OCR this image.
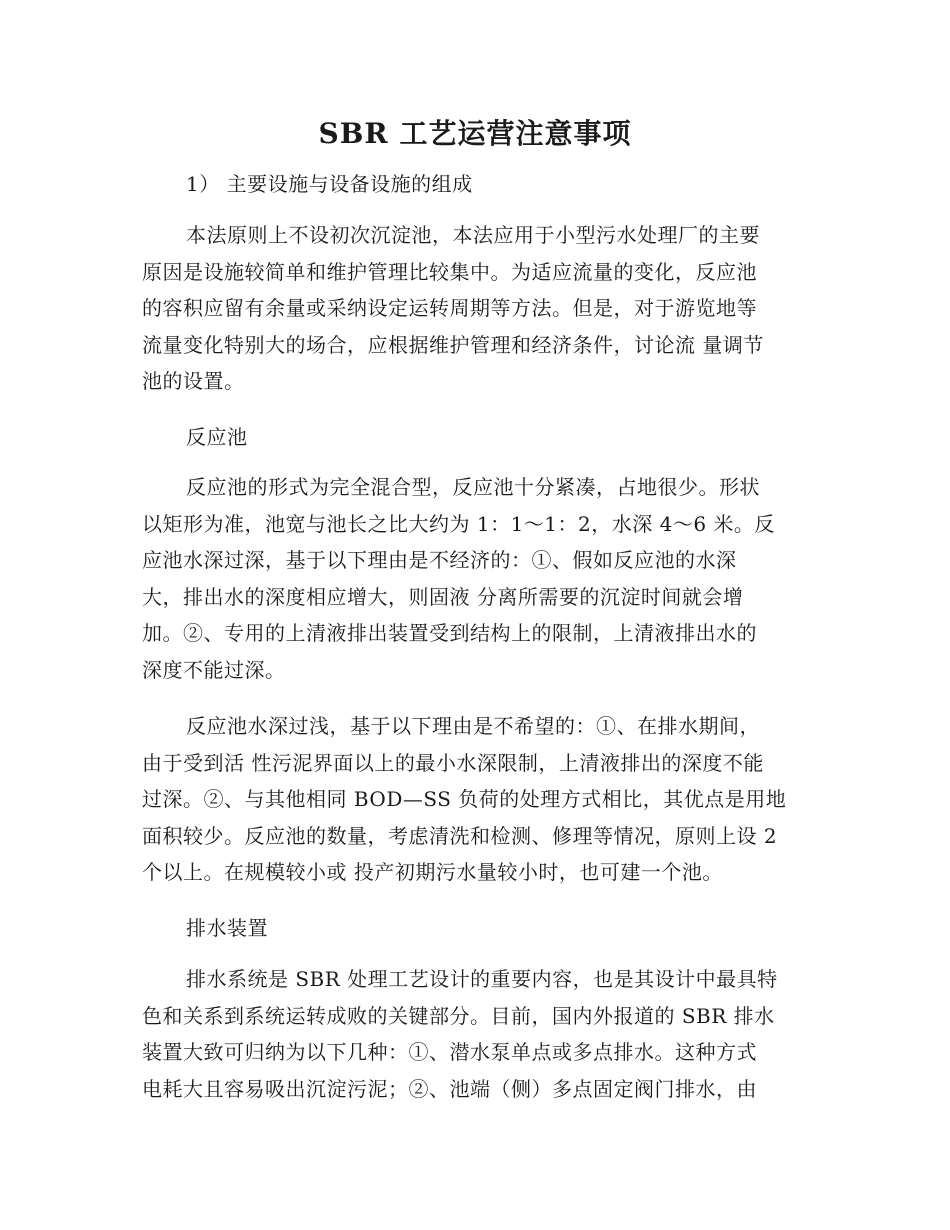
SBR 工艺运营注意事项
1） 主要设施与设备设施的组成
本法原则上不设初次沉淀池，本法应用于小型污水处理厂的主要
原因是设施较简单和维护管理比较集中。为适应流量的变化，反应池
的容积应留有余量或采纳设定运转周期等方法。但是，对于游览地等
流量变化特别大的场合，应根据维护管理和经济条件，讨论流 量调节
池的设置。
反应池
反应池的形式为完全混合型，反应池十分紧凑，占地很少。形状
以矩形为准，池宽与池长之比大约为 1：1～1：2，水深 4～6 米。反
应池水深过深，基于以下理由是不经济的：①、假如反应池的水深
大，排出水的深度相应增大，则固液 分离所需要的沉淀时间就会增
加。②、专用的上清液排出装置受到结构上的限制，上清液排出水的
深度不能过深。
反应池水深过浅，基于以下理由是不希望的：①、在排水期间，
由于受到活 性污泥界面以上的最小水深限制，上清液排出的深度不能
过深。②、与其他相同 BOD—SS 负荷的处理方式相比，其优点是用地
面积较少。反应池的数量，考虑清洗和检测、修理等情况，原则上设 2
个以上。在规模较小或 投产初期污水量较小时，也可建一个池。
排水装置
排水系统是 SBR 处理工艺设计的重要内容，也是其设计中最具特
色和关系到系统运转成败的关键部分。目前，国内外报道的 SBR 排水
装置大致可归纳为以下几种：①、潜水泵单点或多点排水。这种方式
电耗大且容易吸出沉淀污泥；②、池端（侧）多点固定阀门排水，由
